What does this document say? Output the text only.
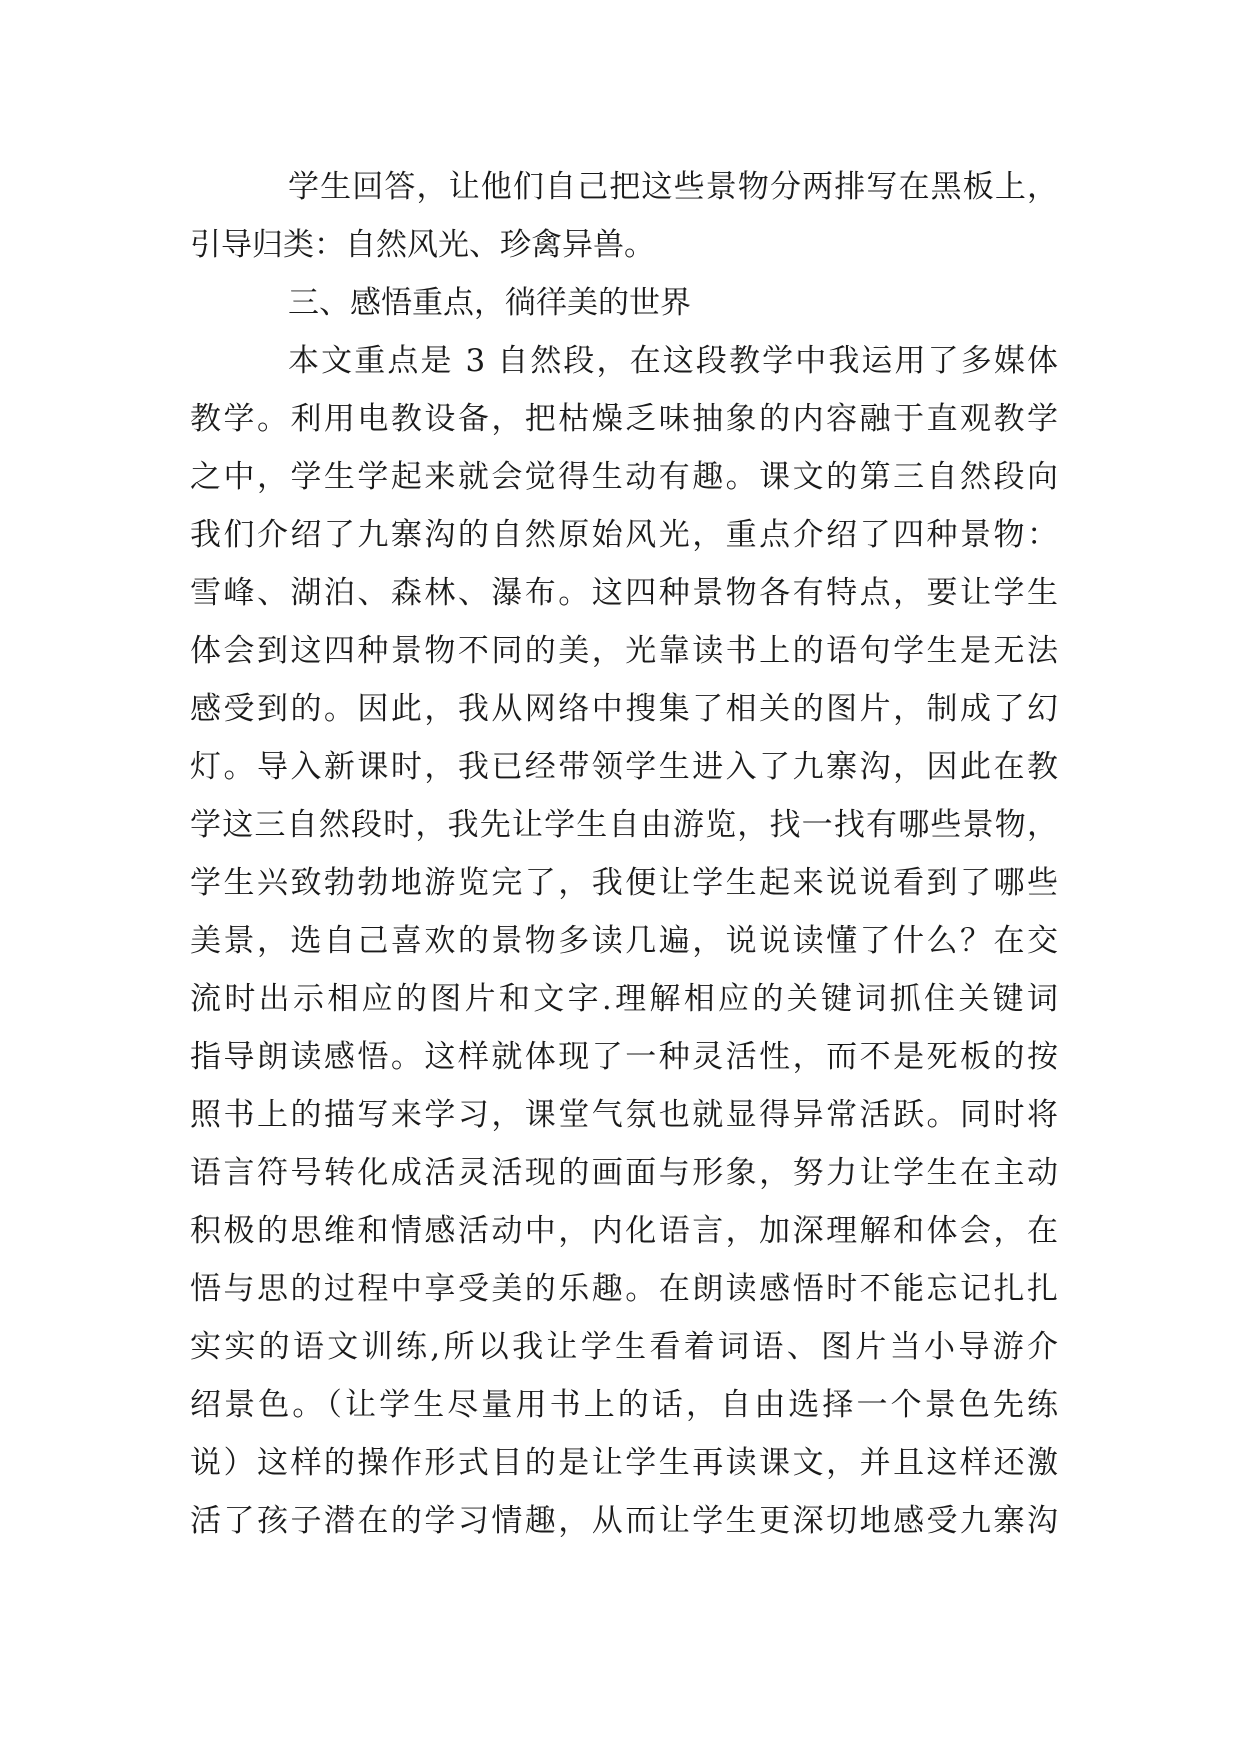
学生回答，让他们自己把这些景物分两排写在黑板上，

引导归类：自然风光、珍禽异兽。

三、感悟重点，徜徉美的世界

本文重点是 3 自然段，在这段教学中我运用了多媒体

教学。利用电教设备，把枯燥乏味抽象的内容融于直观教学

之中，学生学起来就会觉得生动有趣。课文的第三自然段向

我们介绍了九寨沟的自然原始风光，重点介绍了四种景物：

雪峰、湖泊、森林、瀑布。这四种景物各有特点，要让学生

体会到这四种景物不同的美，光靠读书上的语句学生是无法

感受到的。因此，我从网络中搜集了相关的图片，制成了幻

灯。导入新课时，我已经带领学生进入了九寨沟，因此在教

学这三自然段时，我先让学生自由游览，找一找有哪些景物，

学生兴致勃勃地游览完了，我便让学生起来说说看到了哪些

美景，选自己喜欢的景物多读几遍，说说读懂了什么？在交

流时出示相应的图片和文字.理解相应的关键词抓住关键词

指导朗读感悟。这样就体现了一种灵活性，而不是死板的按

照书上的描写来学习，课堂气氛也就显得异常活跃。同时将

语言符号转化成活灵活现的画面与形象，努力让学生在主动

积极的思维和情感活动中，内化语言，加深理解和体会，在

悟与思的过程中享受美的乐趣。在朗读感悟时不能忘记扎扎

实实的语文训练,所以我让学生看着词语、图片当小导游介

绍景色。（让学生尽量用书上的话，自由选择一个景色先练

说）这样的操作形式目的是让学生再读课文，并且这样还激

活了孩子潜在的学习情趣，从而让学生更深切地感受九寨沟
